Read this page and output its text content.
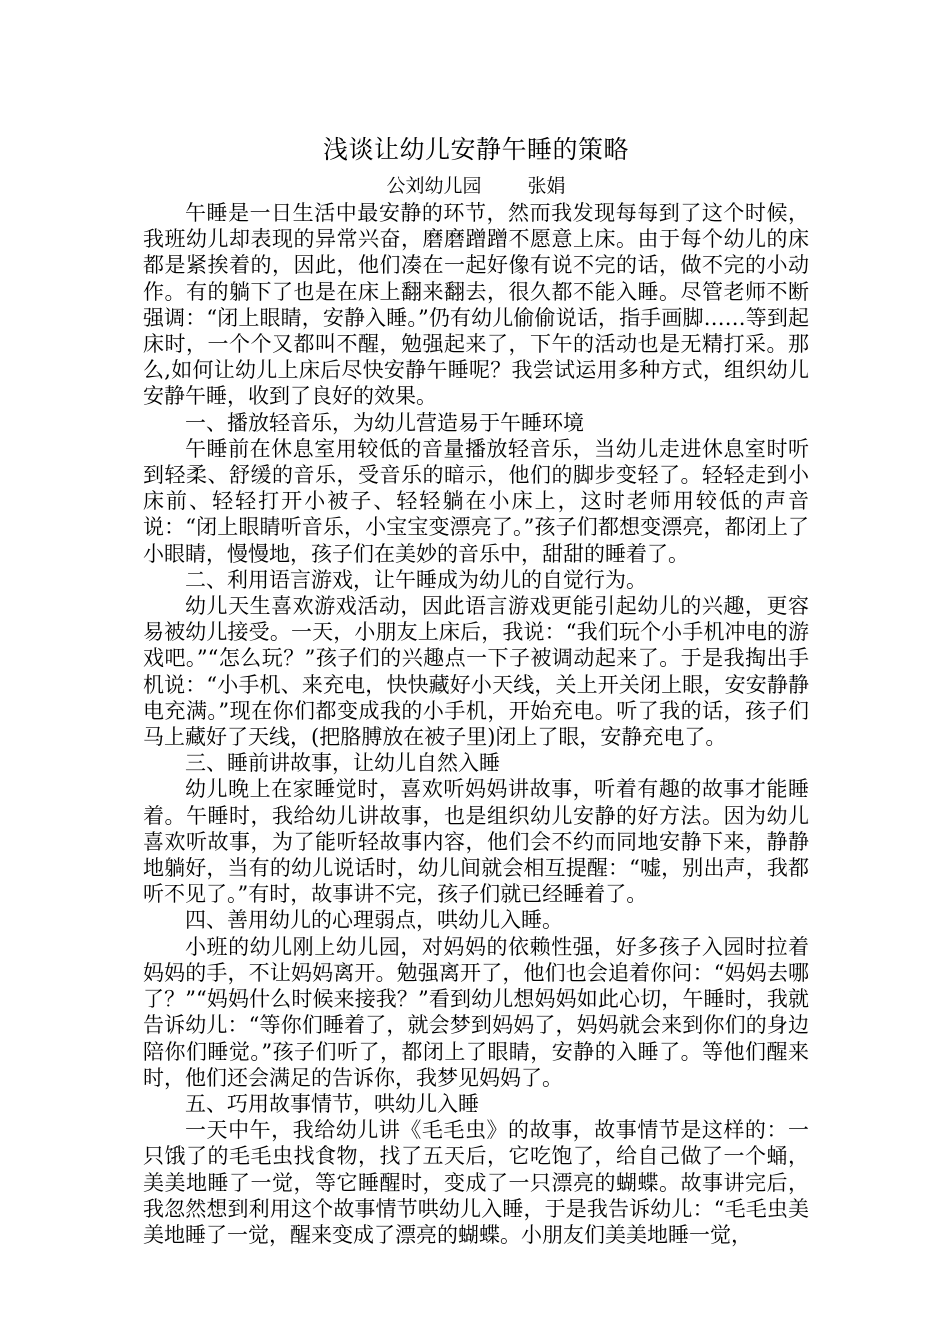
浅谈让幼儿安静午睡的策略

公刘幼儿园 张娟

午睡是一日生活中最安静的环节，然而我发现每每到了这个时候，我班幼儿却表现的异常兴奋，磨磨蹭蹭不愿意上床。由于每个幼儿的床都是紧挨着的，因此，他们凑在一起好像有说不完的话，做不完的小动作。有的躺下了也是在床上翻来翻去，很久都不能入睡。尽管老师不断强调：“闭上眼睛，安静入睡。”仍有幼儿偷偷说话，指手画脚……等到起床时，一个个又都叫不醒，勉强起来了，下午的活动也是无精打采。那么,如何让幼儿上床后尽快安静午睡呢？我尝试运用多种方式，组织幼儿安静午睡，收到了良好的效果。

一、播放轻音乐，为幼儿营造易于午睡环境

午睡前在休息室用较低的音量播放轻音乐，当幼儿走进休息室时听到轻柔、舒缓的音乐，受音乐的暗示，他们的脚步变轻了。轻轻走到小床前、轻轻打开小被子、轻轻躺在小床上，这时老师用较低的声音说：“闭上眼睛听音乐，小宝宝变漂亮了。”孩子们都想变漂亮，都闭上了小眼睛，慢慢地，孩子们在美妙的音乐中，甜甜的睡着了。

二、利用语言游戏，让午睡成为幼儿的自觉行为。

幼儿天生喜欢游戏活动，因此语言游戏更能引起幼儿的兴趣，更容易被幼儿接受。一天，小朋友上床后，我说：“我们玩个小手机冲电的游戏吧。”“怎么玩？”孩子们的兴趣点一下子被调动起来了。于是我掏出手机说：“小手机、来充电，快快藏好小天线，关上开关闭上眼，安安静静电充满。”现在你们都变成我的小手机，开始充电。听了我的话，孩子们马上藏好了天线，(把胳膊放在被子里)闭上了眼，安静充电了。

三、睡前讲故事，让幼儿自然入睡

幼儿晚上在家睡觉时，喜欢听妈妈讲故事，听着有趣的故事才能睡着。午睡时，我给幼儿讲故事，也是组织幼儿安静的好方法。因为幼儿喜欢听故事，为了能听轻故事内容，他们会不约而同地安静下来，静静地躺好，当有的幼儿说话时，幼儿间就会相互提醒：“嘘，别出声，我都听不见了。”有时，故事讲不完，孩子们就已经睡着了。

四、善用幼儿的心理弱点，哄幼儿入睡。

小班的幼儿刚上幼儿园，对妈妈的依赖性强，好多孩子入园时拉着妈妈的手，不让妈妈离开。勉强离开了，他们也会追着你问：“妈妈去哪了？”“妈妈什么时候来接我？”看到幼儿想妈妈如此心切，午睡时，我就告诉幼儿：“等你们睡着了，就会梦到妈妈了，妈妈就会来到你们的身边陪你们睡觉。”孩子们听了，都闭上了眼睛，安静的入睡了。等他们醒来时，他们还会满足的告诉你，我梦见妈妈了。

五、巧用故事情节，哄幼儿入睡

一天中午，我给幼儿讲《毛毛虫》的故事，故事情节是这样的：一只饿了的毛毛虫找食物，找了五天后，它吃饱了，给自己做了一个蛹，美美地睡了一觉，等它睡醒时，变成了一只漂亮的蝴蝶。故事讲完后，我忽然想到利用这个故事情节哄幼儿入睡，于是我告诉幼儿：“毛毛虫美美地睡了一觉，醒来变成了漂亮的蝴蝶。小朋友们美美地睡一觉，
